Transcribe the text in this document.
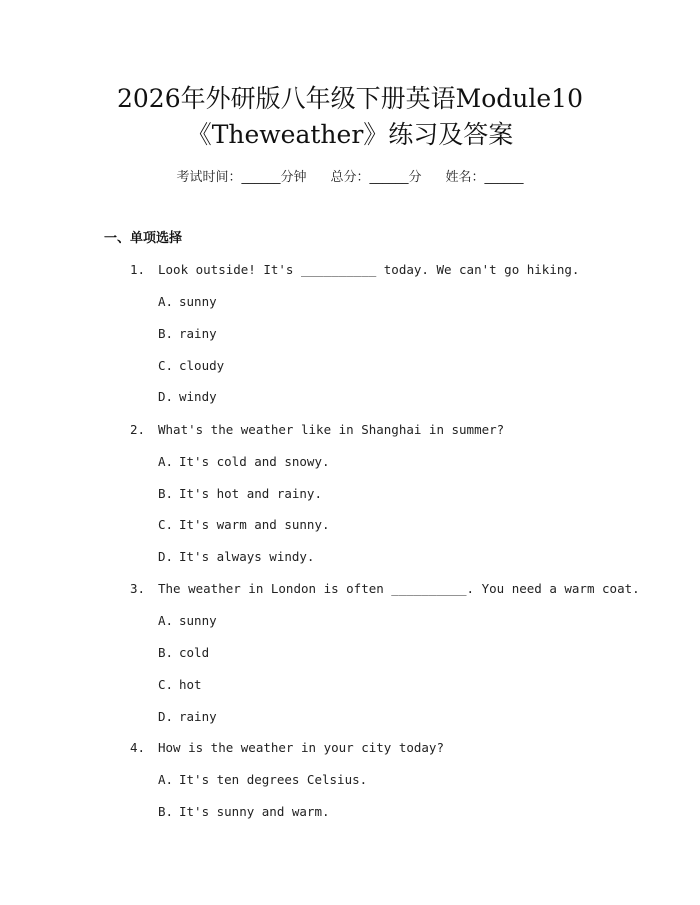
2026年外研版八年级下册英语Module10
《Theweather》练习及答案
考试时间：______分钟 总分：______分 姓名：______
一、单项选择
1. Look outside! It's __________ today. We can't go hiking.
A. sunny
B. rainy
C. cloudy
D. windy
2. What's the weather like in Shanghai in summer?
A. It's cold and snowy.
B. It's hot and rainy.
C. It's warm and sunny.
D. It's always windy.
3. The weather in London is often __________. You need a warm coat.
A. sunny
B. cold
C. hot
D. rainy
4. How is the weather in your city today?
A. It's ten degrees Celsius.
B. It's sunny and warm.
